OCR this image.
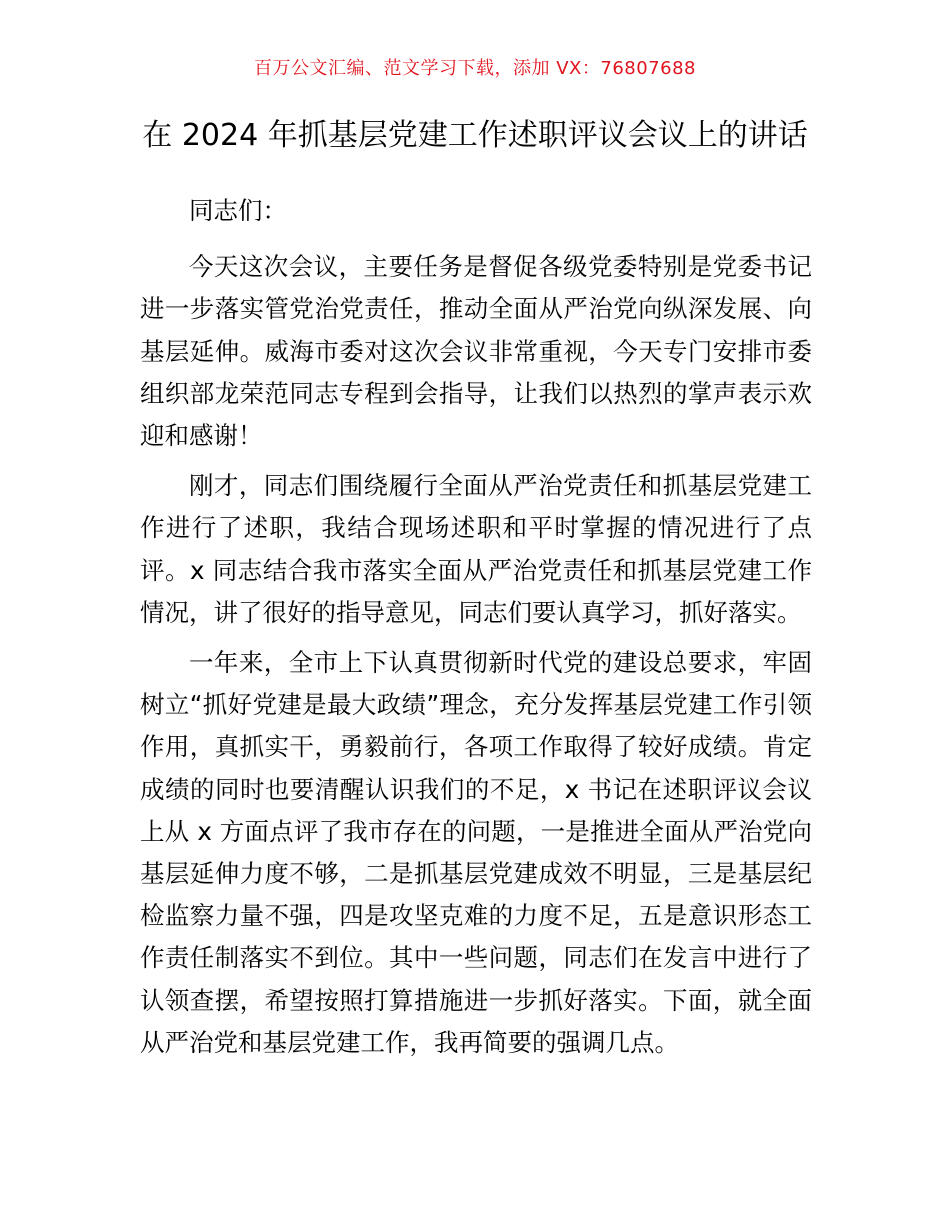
百万公文汇编、范文学习下载，添加 VX：76807688
在 2024 年抓基层党建工作述职评议会议上的讲话

同志们：

今天这次会议，主要任务是督促各级党委特别是党委书记进一步落实管党治党责任，推动全面从严治党向纵深发展、向基层延伸。威海市委对这次会议非常重视，今天专门安排市委组织部龙荣范同志专程到会指导，让我们以热烈的掌声表示欢迎和感谢！

刚才，同志们围绕履行全面从严治党责任和抓基层党建工作进行了述职，我结合现场述职和平时掌握的情况进行了点评。x 同志结合我市落实全面从严治党责任和抓基层党建工作情况，讲了很好的指导意见，同志们要认真学习，抓好落实。

一年来，全市上下认真贯彻新时代党的建设总要求，牢固树立“抓好党建是最大政绩”理念，充分发挥基层党建工作引领作用，真抓实干，勇毅前行，各项工作取得了较好成绩。肯定成绩的同时也要清醒认识我们的不足，x 书记在述职评议会议上从 x 方面点评了我市存在的问题，一是推进全面从严治党向基层延伸力度不够，二是抓基层党建成效不明显，三是基层纪检监察力量不强，四是攻坚克难的力度不足，五是意识形态工作责任制落实不到位。其中一些问题，同志们在发言中进行了认领查摆，希望按照打算措施进一步抓好落实。下面，就全面从严治党和基层党建工作，我再简要的强调几点。
